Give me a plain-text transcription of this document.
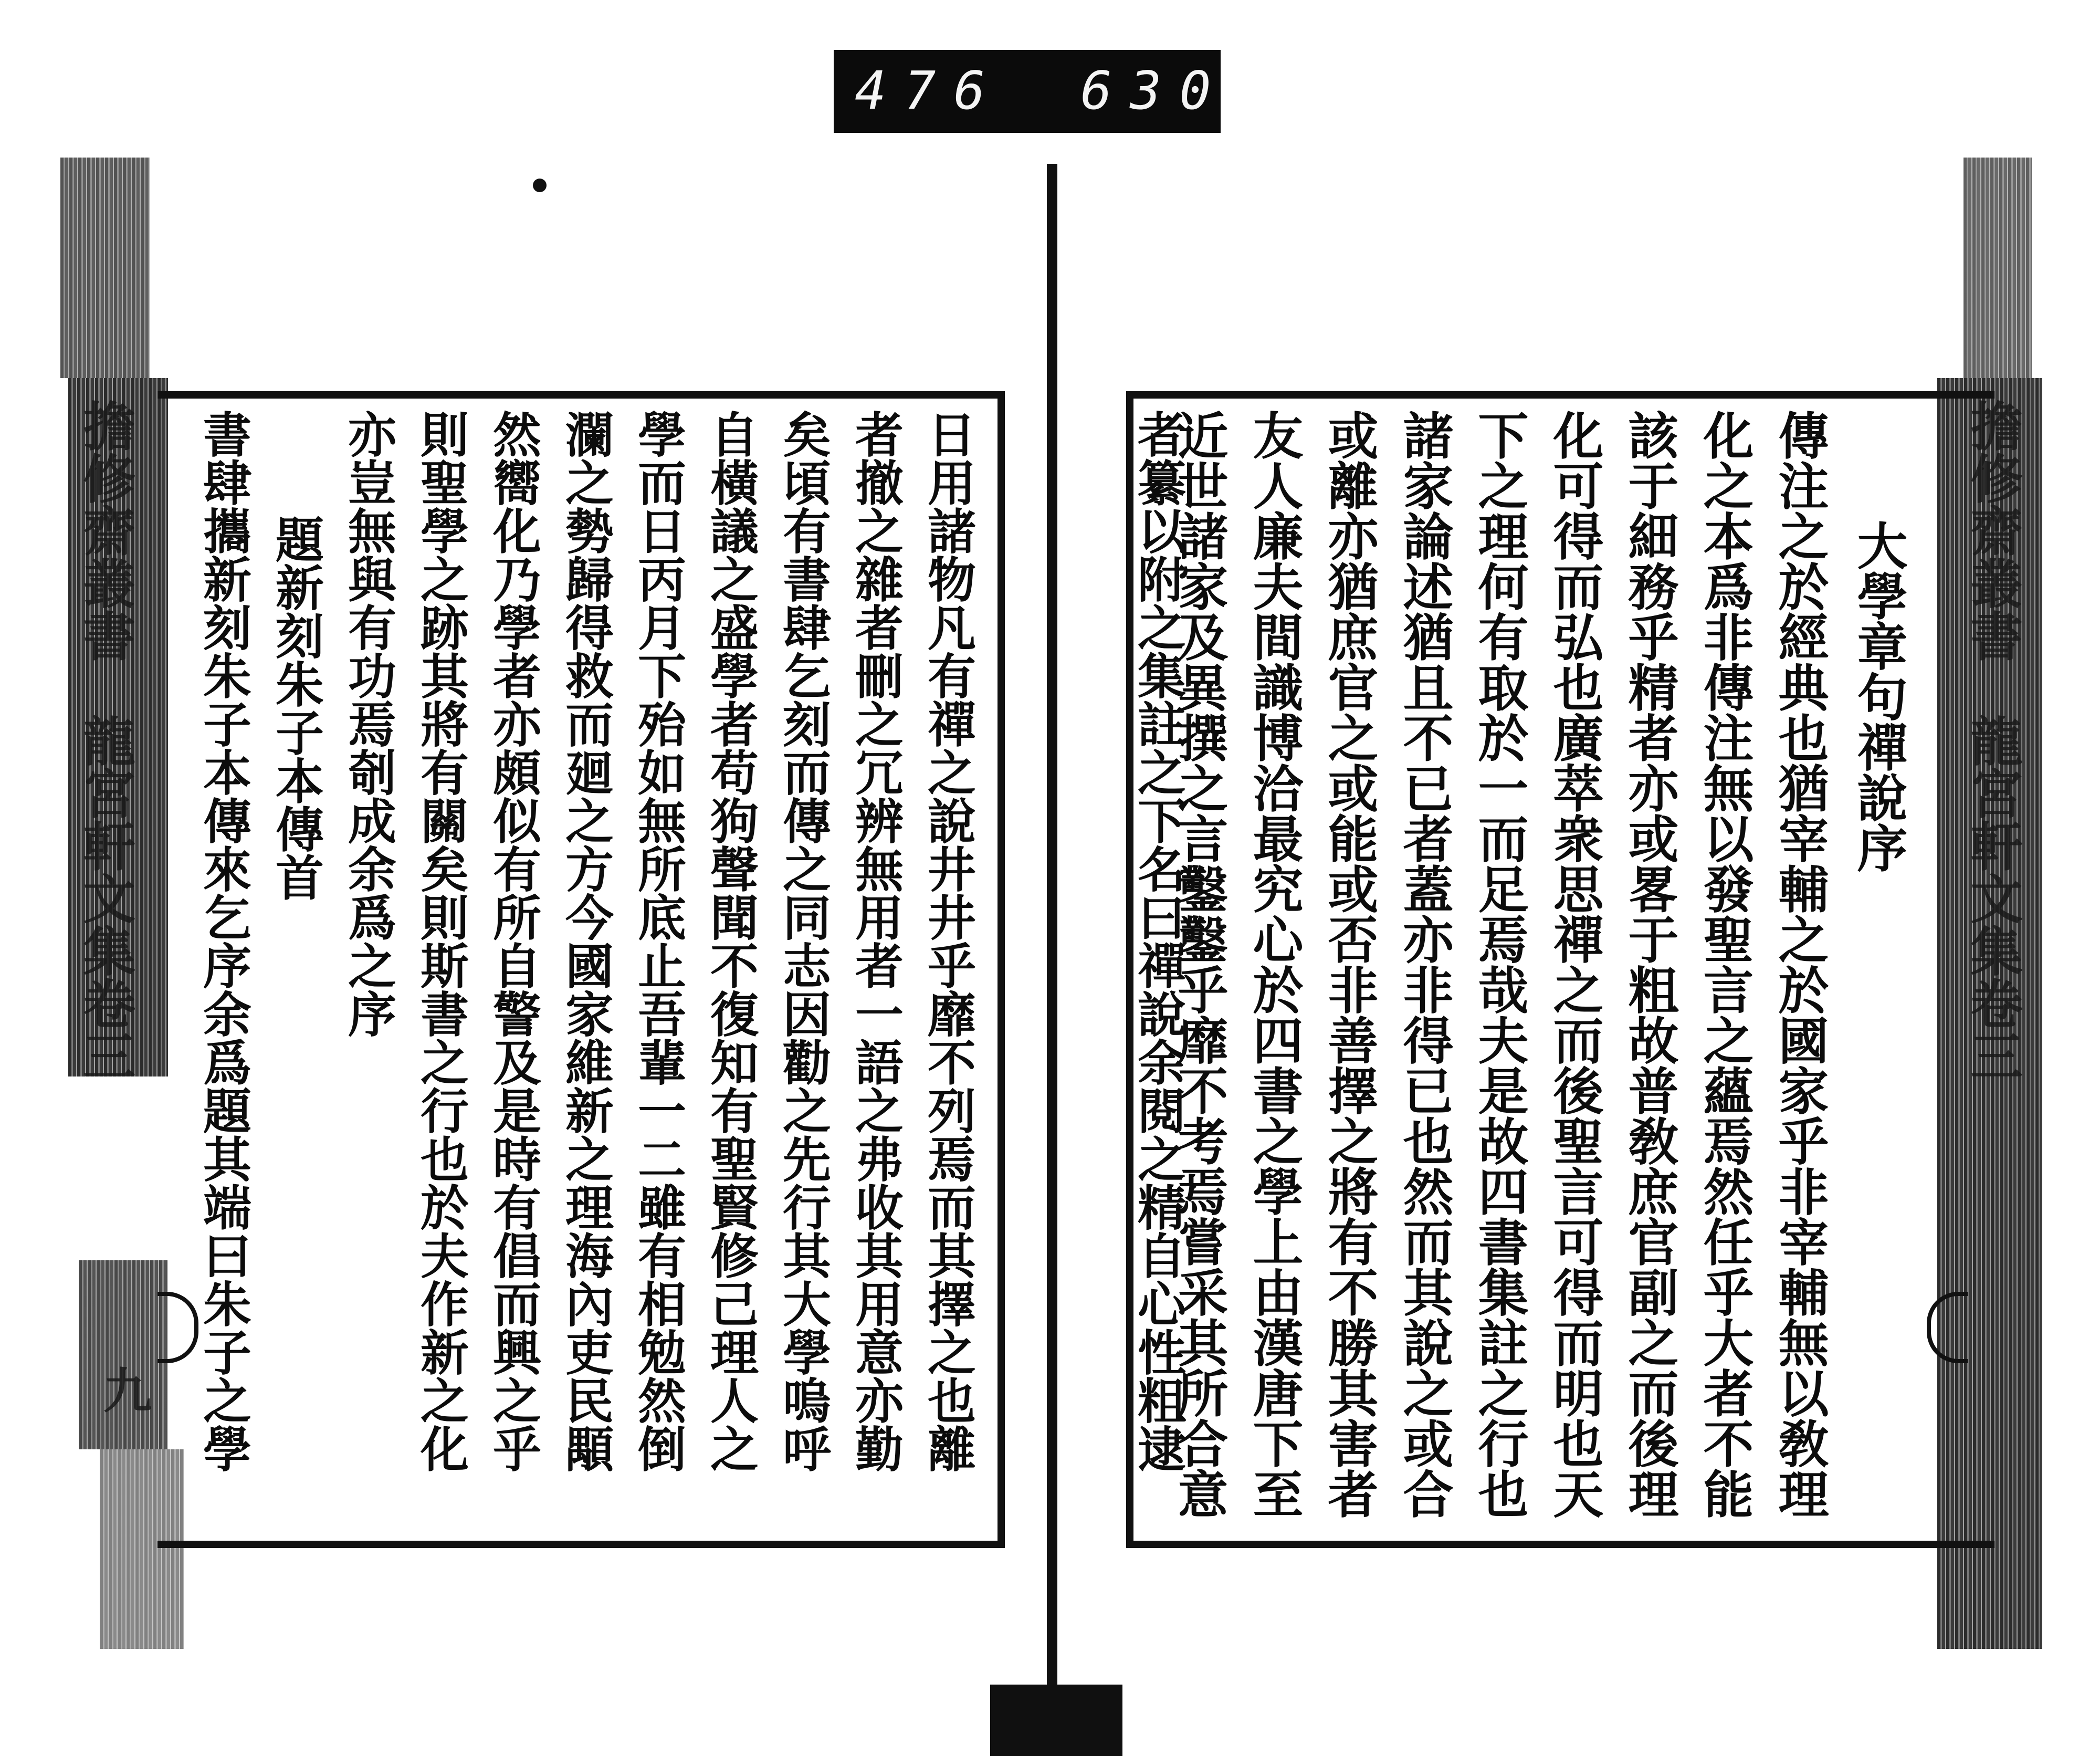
476 630
擔修齋叢書　龍宮軒文集卷三
大學章句禪說序
傳注之於經典也猶宰輔之於國家乎非宰輔無以敎理
化之本爲非傳注無以發聖言之蘊焉然任乎大者不能
該于細務乎精者亦或畧于粗故普敎庶官副之而後理
化可得而弘也廣萃衆思禪之而後聖言可得而明也天
下之理何有取於一而足焉哉夫是故四書集註之行也
諸家論述猶且不已者蓋亦非得已也然而其說之或合
或離亦猶庶官之或能或否非善擇之將有不勝其害者
友人廉夫間識博洽最究心於四書之學上由漢唐下至
近世諸家及異撰之言鑿鑿乎靡不考焉嘗采其所合意
者纂以附之集註之下名曰禪說余閱之精自心性粗逮
擔修齋叢書　龍宮軒文集卷三
九	日用諸物凡有禪之說井井乎靡不列焉而其擇之也離
者撤之雜者刪之冗辨無用者一語之弗收其用意亦勤
矣頃有書肆乞刻而傳之同志因勸之先行其大學嗚呼
自橫議之盛學者苟狗聲聞不復知有聖賢修己理人之
學而日丙月下殆如無所底止吾輩一二雖有相勉然倒
瀾之勢歸得救而廻之方今國家維新之理海內吏民顒
然嚮化乃學者亦頗似有所自警及是時有倡而興之乎
則聖學之跡其將有關矣則斯書之行也於夫作新之化
亦豈無與有功焉剞成余爲之序
題新刻朱子本傳首
書肆攜新刻朱子本傳來乞序余爲題其端曰朱子之學
